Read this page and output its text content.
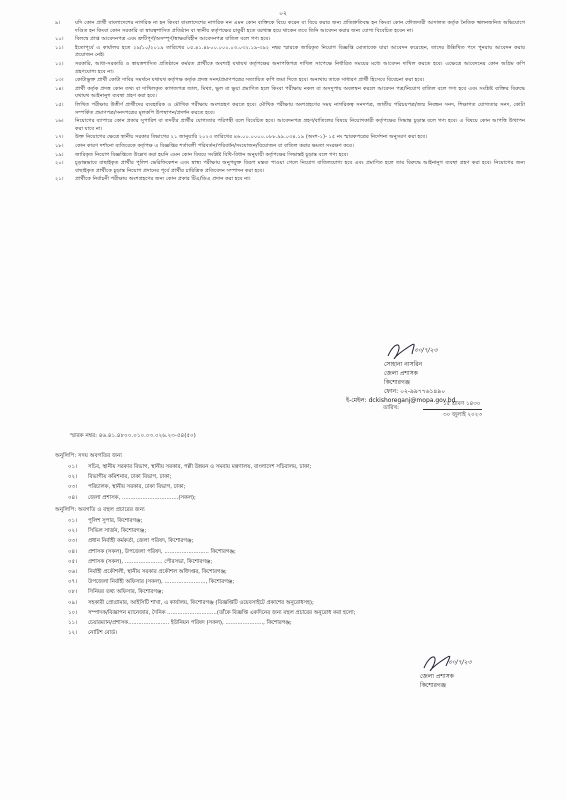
০২
৯।	যদি কোন প্রার্থী বাংলাদেশের নাগরিক না হন কিংবা বাংলাদেশের নাগরিক নন এমন কোন ব্যক্তিকে বিয়ে করেন বা বিয়ে করার জন্য প্রতিশ্রুতিবদ্ধ হন কিংবা কোন ফৌজদারী আদালত কর্তৃক নৈতিক স্খলনজনিত অভিযোগে দণ্ডিত হন কিংবা কোন সরকারি বা স্বায়ত্বশাসিত প্রতিষ্ঠান বা স্থানীয় কর্তৃপক্ষের চাকুরী হতে বরখাস্ত হয়ে থাকেন তবে তিনি আবেদন করার জন্য যোগ্য বিবেচিত হবেন না।
১০।	বিলম্বে প্রাপ্ত আবেদনপত্র এবং ত্রুটিপূর্ণ/অসম্পূর্ণ/স্বাক্ষরবিহীন আবেদনপত্র বাতিল বলে গণ্য হবে।
১১।	ইতোপূর্বে এ কার্যালয় হতে ২৯/১০/২০১৯ তারিখের ০৫.৪১.৪৮০০.০০০.০৩.০৩২.১৯-৩৯২ নম্বর স্মারকে জারিকৃত নিয়োগ বিজ্ঞপ্তি মোতাবেক যারা আবেদন করেছেন, তাদের উল্লিখিত পদে পুনরায় আবেদন করার প্রয়োজন নেই।
১২।	সরকারি, আধা-সরকারি ও স্বায়ত্তশাসিত প্রতিষ্ঠানে কর্মরত প্রার্থীকে অবশ্যই যথাযথ কর্তৃপক্ষের অনাপত্তিপত্র দাখিল সাপেক্ষে নির্ধারিত সময়ের মধ্যে আবেদন দাখিল করতে হবে। এক্ষেত্রে আবেদনের কোন অগ্রিম কপি গ্রহণযোগ্য হবে না।
১৩।	কোটাভুক্ত প্রার্থী কোটা দাবির সমর্থনে যথাযথ কর্তৃপক্ষ কর্তৃক প্রদত্ত সনদ/প্রমাণপত্রের সত্যায়িত কপি জমা দিতে হবে। অন্যথায় তাকে সাধারণ প্রার্থী হিসেবে বিবেচনা করা হবে।
১৪।	প্রার্থী কর্তৃক প্রদত্ত কোন তথ্য বা দাখিলকৃত কাগজপত্র জাল, মিথ্যা, ভুল বা ভুয়া প্রমাণিত হলে কিংবা পরীক্ষায় নকল বা অসদুপায় অবলম্বন করলে আবেদন পত্র/নিয়োগ বাতিল বলে গণ্য হবে এবং সংশ্লিষ্ট ব্যক্তির বিরুদ্ধে যথাযথ আইনানুগ ব্যবস্থা গ্রহণ করা হবে।
১৫।	লিখিত পরীক্ষায় উত্তীর্ণ প্রার্থীদের ব্যবহারিক ও মৌখিক পরীক্ষায় অংশগ্রহণ করতে হবে। মৌখিক পরীক্ষায় অংশগ্রহণের সময় নাগরিকত্ব সনদপত্র, জাতীয় পরিচয়পত্র/জন্ম নিবন্ধন সনদ, শিক্ষাগত যোগ্যতার সনদ, কোটা সম্পর্কিত প্রমাণপত্র/সনদপত্রের মূলকপি উপস্থাপন/প্রদর্শন করতে হবে।
১৬।	নিয়োগের ব্যাপারে কোন প্রকার সুপারিশ বা তদবীর প্রার্থীর যোগ্যতার পরিপন্থী বলে বিবেচিত হবে। আবেদনপত্র গ্রহণ/বাতিলের বিষয়ে নিয়োগকারী কর্তৃপক্ষের সিদ্ধান্ত চূড়ান্ত বলে গণ্য হবে। এ বিষয়ে কোন আপত্তি উত্থাপন করা যাবে না।
১৭।	উক্ত নিয়োগের ক্ষেত্রে স্থানীয় সরকার বিভাগের ২১ জানুয়ারি ২০২৩ তারিখের ৪৬.০০.০০০০.০৮৮.৯৯.০৩৪.১৯ (অংশ-১)- ১৫ নং স্মারকপত্রের নির্দেশনা অনুসরণ করা হবে।
১৮।	কোন কারণ দর্শানো ব্যতিরেকে কর্তৃপক্ষ এ বিজ্ঞপ্তির শর্তাবলী পরিবর্তন/পরিবর্ধন/সংযোজন/বিয়োজন বা বাতিল করার ক্ষমতা সংরক্ষণ করে।
১৯।	জারিকৃত নিয়োগ বিজ্ঞপ্তিতে উল্লেখ করা হয়নি এমন কোন বিষয়ে সংশ্লিষ্ট বিধি-বিধান অনুযায়ী কর্তৃপক্ষের সিদ্ধান্তই চূড়ান্ত বলে গণ্য হবে।
২০।	চূড়ান্তভাবে বাছাইকৃত প্রার্থীর পুলিশ ভেরিফিকেশন এবং স্বাস্থ্য পরীক্ষায় অনুপযুক্ত বিরূপ মন্তব্য পাওয়া গেলে নিয়োগ বাতিলযোগ্য হবে এবং প্রমাণিত হলে তার বিরুদ্ধে আইনানুগ ব্যবস্থা গ্রহণ করা হবে। নিয়োগের জন্য বাছাইকৃত প্রার্থীকে চূড়ান্ত নিয়োগ প্রদানের পূর্বে প্রার্থীর চারিত্রিক প্রতিবেদন সম্পাদন করা হবে।
২১।	প্রার্থীকে নির্বাচনী পরীক্ষায় অংশগ্রহণের জন্য কোন প্রকার টিএ/ডিএ প্রদান করা হবে না।
৩০/৭/২৩
সোহানা নাসরিন
জেলা প্রশাসক
কিশোরগঞ্জ
ফোন: ০২-৯৯৭৭৬১৪৯০
ই-মেইল:
dckishoreganj@mopa.gov.bd
তারিখ:
১৫ শ্রাবণ ১৪৩০
৩০ জুলাই ২০২৩
স্মারক নম্বর: ৪৬.৪১.৪৮০০.০১০.০৩.০২৬.২৩-৫৪(৫০)
অনুলিপি: সদয় অবগতির জন্য
০১।	সচিব, স্থানীয় সরকার বিভাগ, স্থানীয় সরকার, পল্লী উন্নয়ন ও সমবায় মন্ত্রণালয়, বাংলাদেশ সচিবালয়, ঢাকা;
০২।	বিভাগীয় কমিশনার, ঢাকা বিভাগ, ঢাকা;
০৩।	পরিচালক, স্থানীয় সরকার, ঢাকা বিভাগ, ঢাকা;
০৪।	জেলা প্রশাসক, .................................(সকল);
অনুলিপি: অবগতি ও বহুল প্রচারের জন্য
০১।	পুলিশ সুপার, কিশোরগঞ্জ;
০২।	সিভিল সার্জন, কিশোরগঞ্জ;
০৩।	প্রধান নির্বাহী কর্মকর্তা, জেলা পরিষদ, কিশোরগঞ্জ;
০৪।	প্রশাসক (সকল), উপজেলা পরিষদ, .......................... কিশোরগঞ্জ;
০৫।	প্রশাসক (সকল), ...................... পৌরসভা, কিশোরগঞ্জ;
০৬।	নির্বাহী প্রকৌশলী, স্থানীয় সরকার প্রকৌশল অধিদপ্তর, কিশোরগঞ্জ;
০৭।	উপজেলা নির্বাহী অফিসার (সকল), ........................, কিশোরগঞ্জ;
০৮।	সিনিয়র তথ্য অফিসার, কিশোরগঞ্জ;
০৯।	সহকারী প্রোগ্রামার, আইসিটি শাখা, এ কার্যালয়, কিশোরগঞ্জ (বিজ্ঞপ্তিটি ওয়েবসাইটে প্রকাশের অনুরোধসহ);
১০।	সম্পাদক/বিজ্ঞাপন ম্যানেজার, দৈনিক .............................(তাঁকে বিজ্ঞপ্তি একদিনের জন্য বহুল প্রচারের অনুরোধ করা হলো;
১১।	চেয়ারম্যান/প্রশাসক........................ ইউনিয়ন পরিষদ (সকল), ......................, কিশোরগঞ্জ;
১২।	নোটিশ বোর্ড।
৩০/৭/২৩
জেলা প্রশাসক
কিশোরগঞ্জ
